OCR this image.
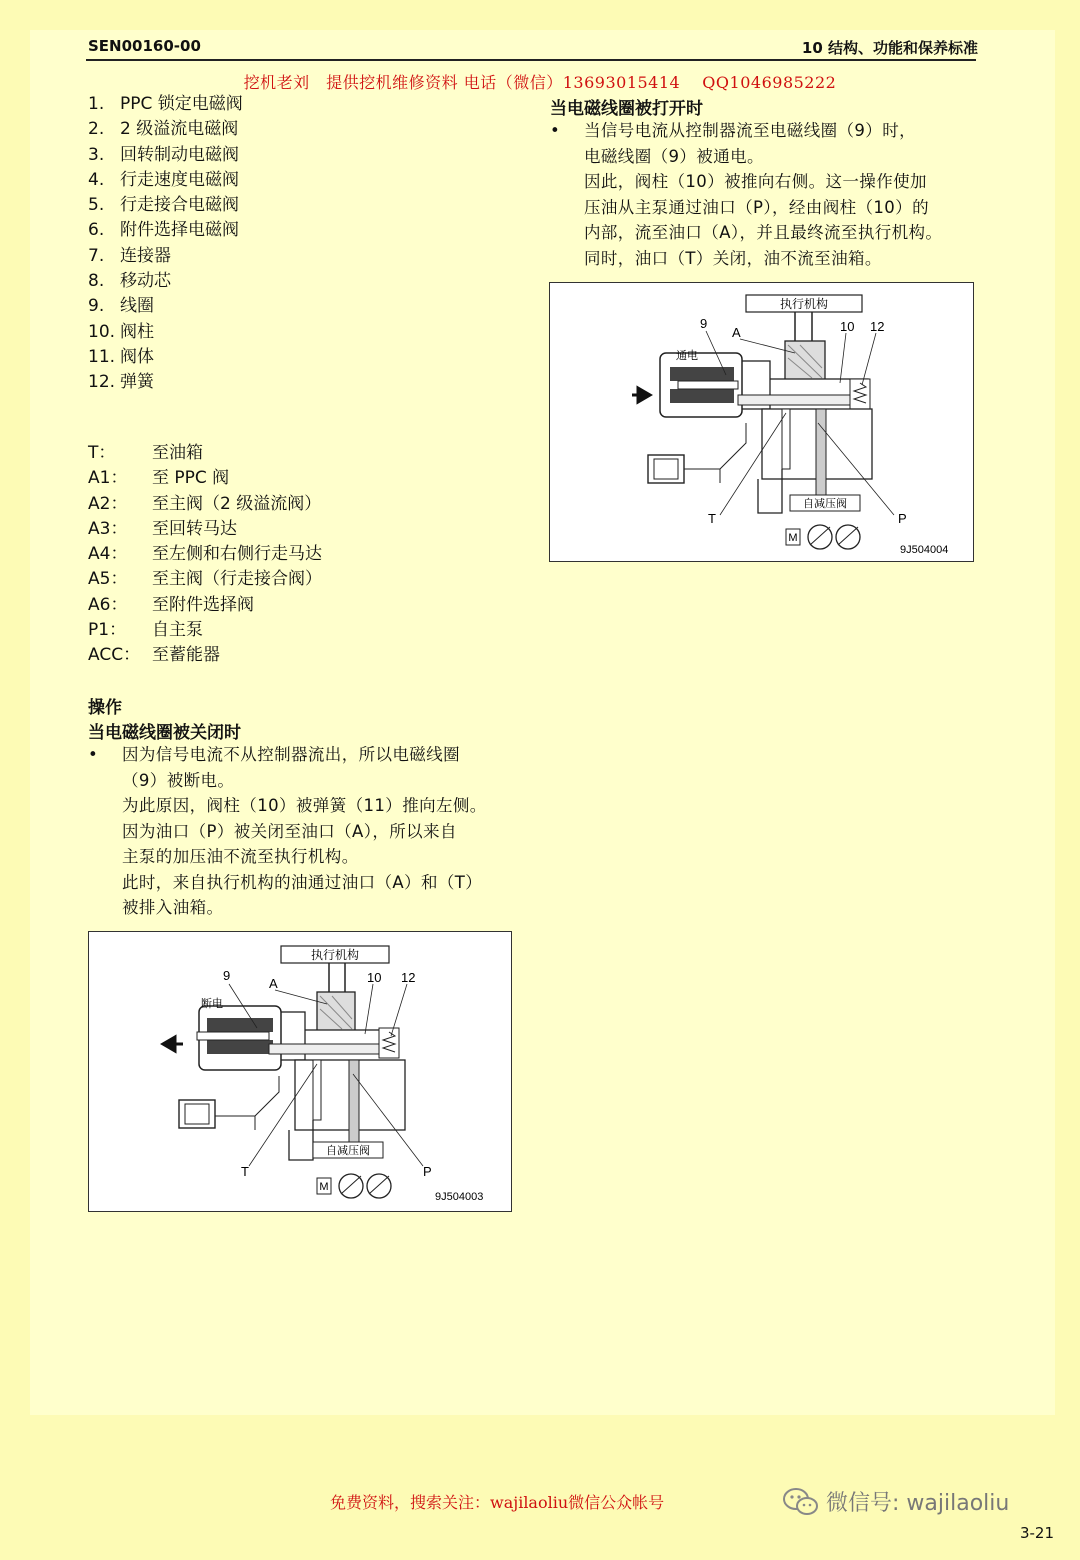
SEN00160-00	10 结构、功能和保养标准
挖机老刘　提供挖机维修资料 电话（微信）13693015414　 QQ1046985222
1. PPC 锁定电磁阀
2. 2 级溢流电磁阀
3. 回转制动电磁阀
4. 行走速度电磁阀
5. 行走接合电磁阀
6. 附件选择电磁阀
7. 连接器
8. 移动芯
9. 线圈
10. 阀柱
11. 阀体
12. 弹簧
T：	至油箱
A1：	至 PPC 阀
A2：	至主阀（2 级溢流阀）
A3：	至回转马达
A4：	至左侧和右侧行走马达
A5：	至主阀（行走接合阀）
A6：	至附件选择阀
P1：	自主泵
ACC： 至蓄能器
操作
当电磁线圈被关闭时
• 因为信号电流不从控制器流出，所以电磁线圈
（9）被断电。
为此原因，阀柱（10）被弹簧（11）推向左侧。
因为油口（P）被关闭至油口（A），所以来自
主泵的加压油不流至执行机构。
此时，来自执行机构的油通过油口（A）和（T）
被排入油箱。
当电磁线圈被打开时
• 当信号电流从控制器流至电磁线圈（9）时，
电磁线圈（9）被通电。
因此，阀柱（10）被推向右侧。这一操作使加
压油从主泵通过油口（P），经由阀柱（10）的
内部，流至油口（A），并且最终流至执行机构。
同时，油口（T）关闭，油不流至油箱。
执行机构
自减压阀
M
9
A	10 12
通电
T	P
9J504004
执行机构
自减压阀
M
9
A	10 12
断电
T	P
9J504003
免费资料，搜索关注：wajilaoliu微信公众帐号	微信号: wajilaoliu
3-21
